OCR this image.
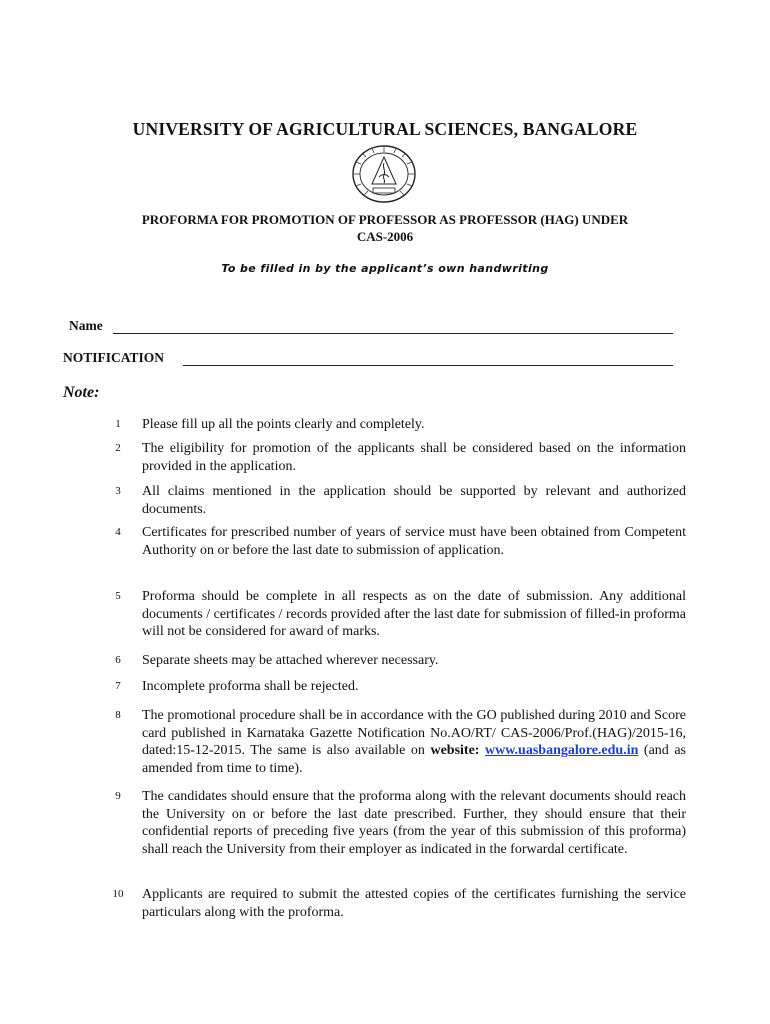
UNIVERSITY OF AGRICULTURAL SCIENCES, BANGALORE
PROFORMA FOR PROMOTION OF PROFESSOR AS PROFESSOR (HAG) UNDER
CAS-2006
To be filled in by the applicant’s own handwriting
Name
NOTIFICATION
Note:
1	Please fill up all the points clearly and completely.
2	The eligibility for promotion of the applicants shall be considered based on the information provided in the application.
3	All claims mentioned in the application should be supported by relevant and authorized documents.
4	Certificates for prescribed number of years of service must have been obtained from Competent Authority on or before the last date to submission of application.
5	Proforma should be complete in all respects as on the date of submission. Any additional documents / certificates / records provided after the last date for submission of filled-in proforma will not be considered for award of marks.
6	Separate sheets may be attached wherever necessary.
7	Incomplete proforma shall be rejected.
8	The promotional procedure shall be in accordance with the GO published during 2010 and Score card published in Karnataka Gazette Notification No.AO/RT/ CAS-2006/Prof.(HAG)/2015-16, dated:15-12-2015. The same is also available on website: www.uasbangalore.edu.in (and as amended from time to time).
9	The candidates should ensure that the proforma along with the relevant documents should reach the University on or before the last date prescribed. Further, they should ensure that their confidential reports of preceding five years (from the year of this submission of this proforma) shall reach the University from their employer as indicated in the forwardal certificate.
10	Applicants are required to submit the attested copies of the certificates furnishing the service particulars along with the proforma.
